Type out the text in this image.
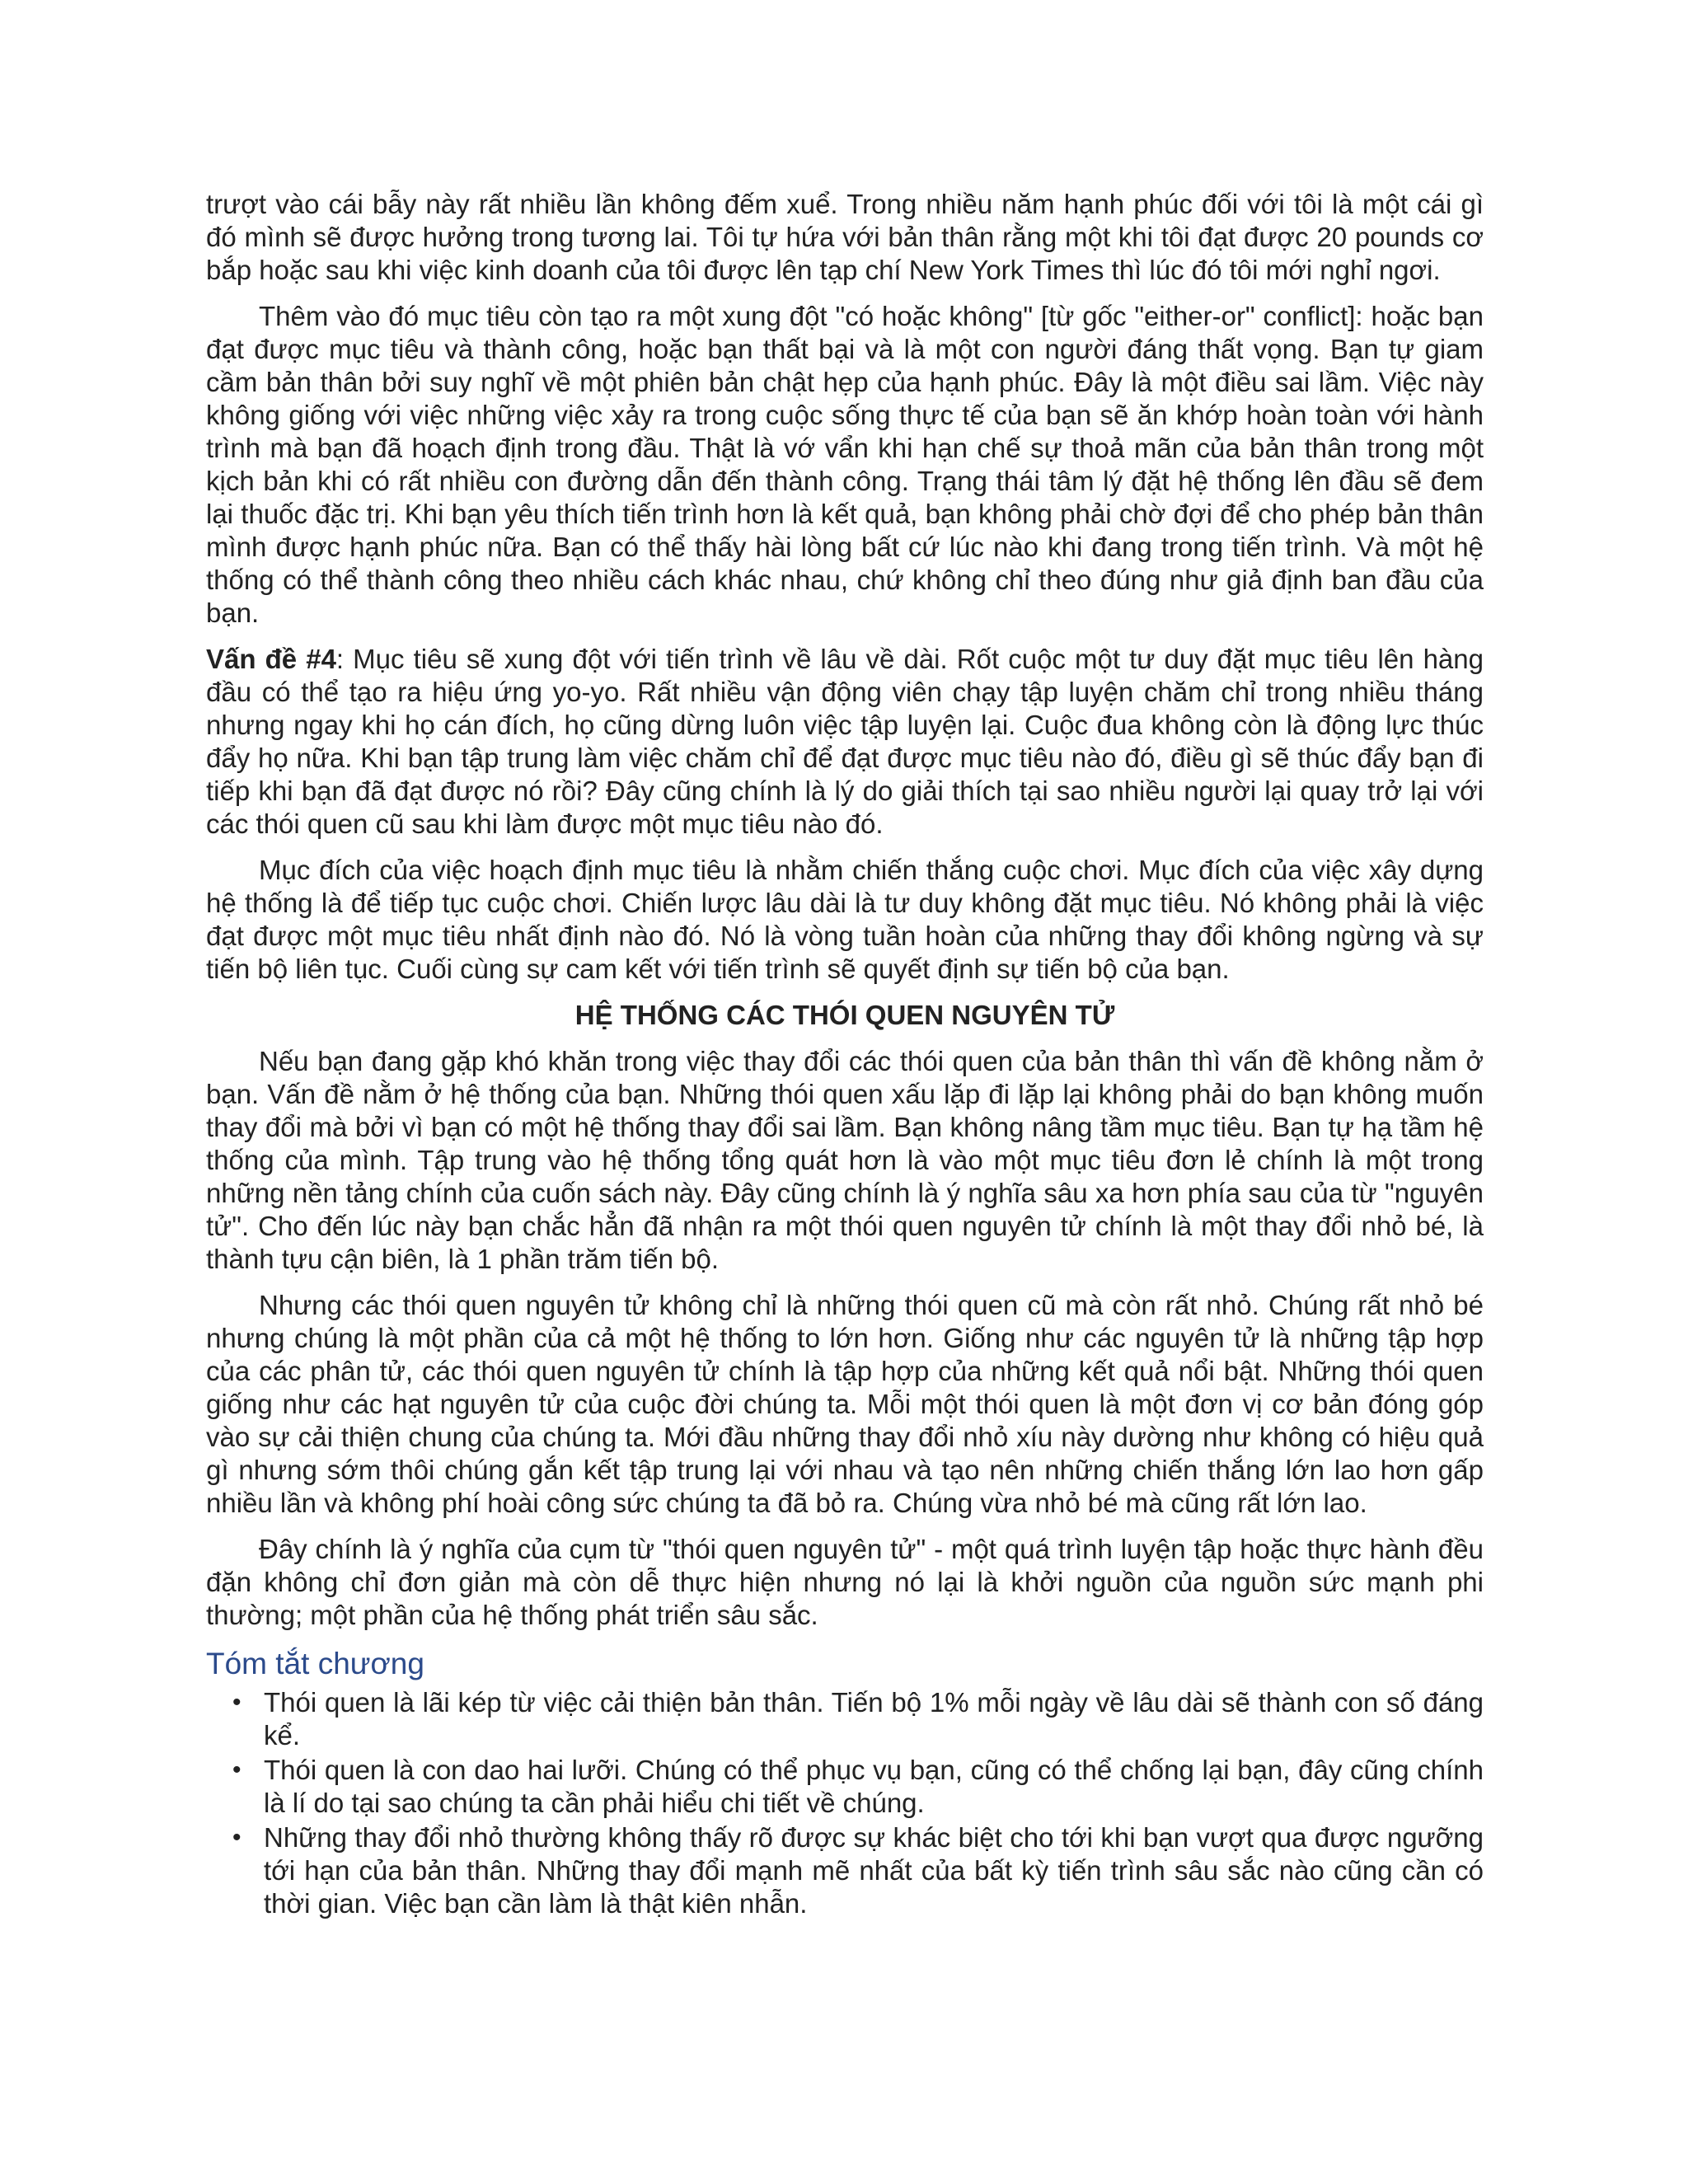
trượt vào cái bẫy này rất nhiều lần không đếm xuể. Trong nhiều năm hạnh phúc đối với tôi là một cái gì đó mình sẽ được hưởng trong tương lai. Tôi tự hứa với bản thân rằng một khi tôi đạt được 20 pounds cơ bắp hoặc sau khi việc kinh doanh của tôi được lên tạp chí New York Times thì lúc đó tôi mới nghỉ ngơi.

Thêm vào đó mục tiêu còn tạo ra một xung đột "có hoặc không" [từ gốc "either-or" conflict]: hoặc bạn đạt được mục tiêu và thành công, hoặc bạn thất bại và là một con người đáng thất vọng. Bạn tự giam cầm bản thân bởi suy nghĩ về một phiên bản chật hẹp của hạnh phúc. Đây là một điều sai lầm. Việc này không giống với việc những việc xảy ra trong cuộc sống thực tế của bạn sẽ ăn khớp hoàn toàn với hành trình mà bạn đã hoạch định trong đầu. Thật là vớ vẩn khi hạn chế sự thoả mãn của bản thân trong một kịch bản khi có rất nhiều con đường dẫn đến thành công. Trạng thái tâm lý đặt hệ thống lên đầu sẽ đem lại thuốc đặc trị. Khi bạn yêu thích tiến trình hơn là kết quả, bạn không phải chờ đợi để cho phép bản thân mình được hạnh phúc nữa. Bạn có thể thấy hài lòng bất cứ lúc nào khi đang trong tiến trình. Và một hệ thống có thể thành công theo nhiều cách khác nhau, chứ không chỉ theo đúng như giả định ban đầu của bạn.

Vấn đề #4: Mục tiêu sẽ xung đột với tiến trình về lâu về dài. Rốt cuộc một tư duy đặt mục tiêu lên hàng đầu có thể tạo ra hiệu ứng yo-yo. Rất nhiều vận động viên chạy tập luyện chăm chỉ trong nhiều tháng nhưng ngay khi họ cán đích, họ cũng dừng luôn việc tập luyện lại. Cuộc đua không còn là động lực thúc đẩy họ nữa. Khi bạn tập trung làm việc chăm chỉ để đạt được mục tiêu nào đó, điều gì sẽ thúc đẩy bạn đi tiếp khi bạn đã đạt được nó rồi? Đây cũng chính là lý do giải thích tại sao nhiều người lại quay trở lại với các thói quen cũ sau khi làm được một mục tiêu nào đó.

Mục đích của việc hoạch định mục tiêu là nhằm chiến thắng cuộc chơi. Mục đích của việc xây dựng hệ thống là để tiếp tục cuộc chơi. Chiến lược lâu dài là tư duy không đặt mục tiêu. Nó không phải là việc đạt được một mục tiêu nhất định nào đó. Nó là vòng tuần hoàn của những thay đổi không ngừng và sự tiến bộ liên tục. Cuối cùng sự cam kết với tiến trình sẽ quyết định sự tiến bộ của bạn.

HỆ THỐNG CÁC THÓI QUEN NGUYÊN TỬ

Nếu bạn đang gặp khó khăn trong việc thay đổi các thói quen của bản thân thì vấn đề không nằm ở bạn. Vấn đề nằm ở hệ thống của bạn. Những thói quen xấu lặp đi lặp lại không phải do bạn không muốn thay đổi mà bởi vì bạn có một hệ thống thay đổi sai lầm. Bạn không nâng tầm mục tiêu. Bạn tự hạ tầm hệ thống của mình. Tập trung vào hệ thống tổng quát hơn là vào một mục tiêu đơn lẻ chính là một trong những nền tảng chính của cuốn sách này. Đây cũng chính là ý nghĩa sâu xa hơn phía sau của từ "nguyên tử". Cho đến lúc này bạn chắc hẳn đã nhận ra một thói quen nguyên tử chính là một thay đổi nhỏ bé, là thành tựu cận biên, là 1 phần trăm tiến bộ.

Nhưng các thói quen nguyên tử không chỉ là những thói quen cũ mà còn rất nhỏ. Chúng rất nhỏ bé nhưng chúng là một phần của cả một hệ thống to lớn hơn. Giống như các nguyên tử là những tập hợp của các phân tử, các thói quen nguyên tử chính là tập hợp của những kết quả nổi bật. Những thói quen giống như các hạt nguyên tử của cuộc đời chúng ta. Mỗi một thói quen là một đơn vị cơ bản đóng góp vào sự cải thiện chung của chúng ta. Mới đầu những thay đổi nhỏ xíu này dường như không có hiệu quả gì nhưng sớm thôi chúng gắn kết tập trung lại với nhau và tạo nên những chiến thắng lớn lao hơn gấp nhiều lần và không phí hoài công sức chúng ta đã bỏ ra. Chúng vừa nhỏ bé mà cũng rất lớn lao.

Đây chính là ý nghĩa của cụm từ "thói quen nguyên tử" - một quá trình luyện tập hoặc thực hành đều đặn không chỉ đơn giản mà còn dễ thực hiện nhưng nó lại là khởi nguồn của nguồn sức mạnh phi thường; một phần của hệ thống phát triển sâu sắc.

Tóm tắt chương
• Thói quen là lãi kép từ việc cải thiện bản thân. Tiến bộ 1% mỗi ngày về lâu dài sẽ thành con số đáng kể.
• Thói quen là con dao hai lưỡi. Chúng có thể phục vụ bạn, cũng có thể chống lại bạn, đây cũng chính là lí do tại sao chúng ta cần phải hiểu chi tiết về chúng.
• Những thay đổi nhỏ thường không thấy rõ được sự khác biệt cho tới khi bạn vượt qua được ngưỡng tới hạn của bản thân. Những thay đổi mạnh mẽ nhất của bất kỳ tiến trình sâu sắc nào cũng cần có thời gian. Việc bạn cần làm là thật kiên nhẫn.
